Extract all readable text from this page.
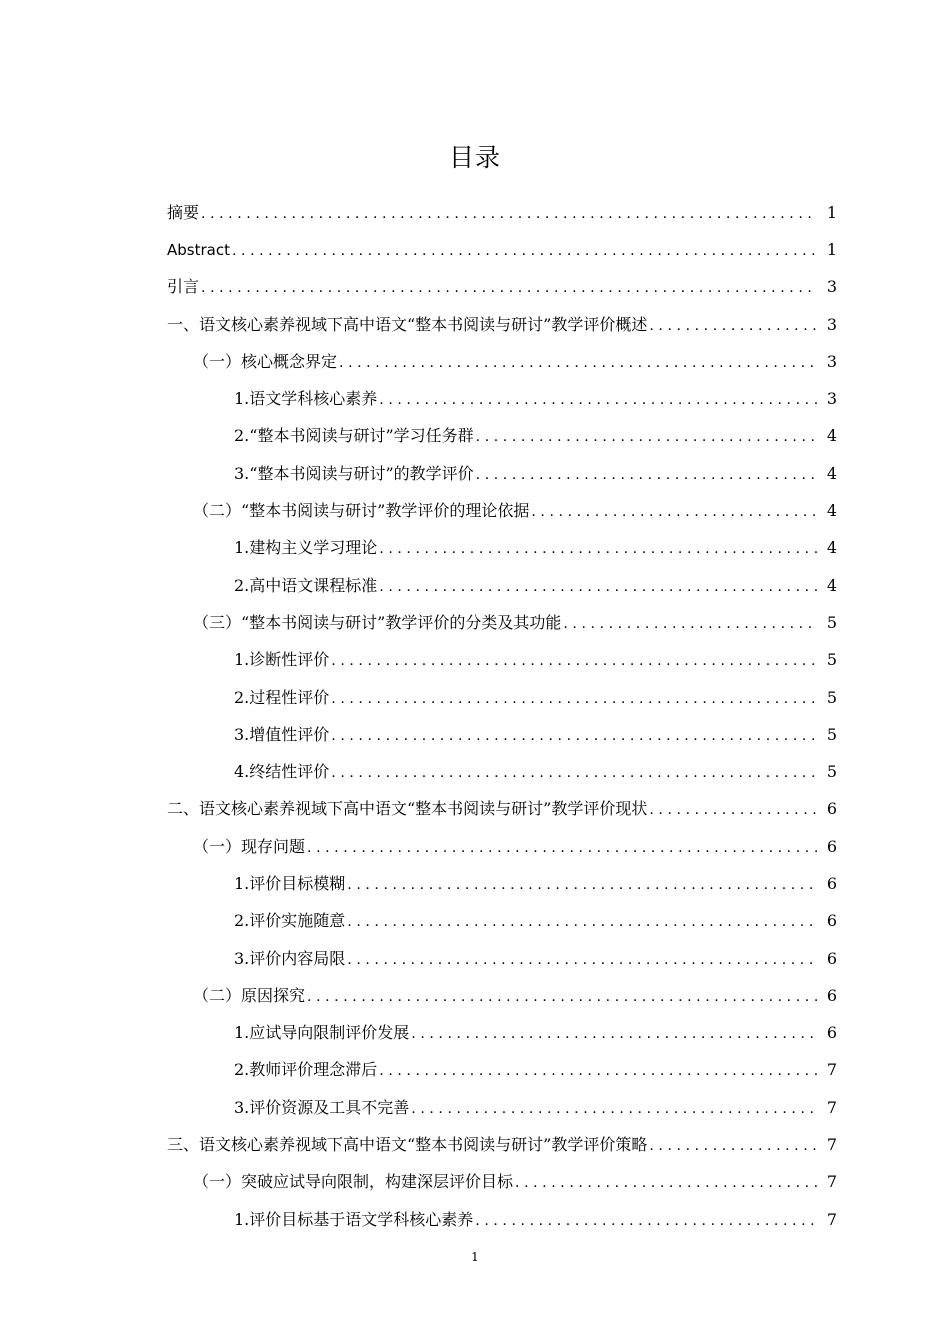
目录
摘要 .....	1
Abstract .....	1
引言 .....	3
一、语文核心素养视域下高中语文“整本书阅读与研讨”教学评价概述 .....	3
（一）核心概念界定 .....	3
1.语文学科核心素养 .....	3
2.“整本书阅读与研讨”学习任务群 .....	4
3.“整本书阅读与研讨”的教学评价 .....	4
（二）“整本书阅读与研讨”教学评价的理论依据 .....	4
1.建构主义学习理论 .....	4
2.高中语文课程标准 .....	4
（三）“整本书阅读与研讨”教学评价的分类及其功能 .....	5
1.诊断性评价 .....	5
2.过程性评价 .....	5
3.增值性评价 .....	5
4.终结性评价 .....	5
二、语文核心素养视域下高中语文“整本书阅读与研讨”教学评价现状 .....	6
（一）现存问题 .....	6
1.评价目标模糊 .....	6
2.评价实施随意 .....	6
3.评价内容局限 .....	6
（二）原因探究 .....	6
1.应试导向限制评价发展 .....	6
2.教师评价理念滞后 .....	7
3.评价资源及工具不完善 .....	7
三、语文核心素养视域下高中语文“整本书阅读与研讨”教学评价策略 .....	7
（一）突破应试导向限制，构建深层评价目标 .....	7
1.评价目标基于语文学科核心素养 .....	7
1
